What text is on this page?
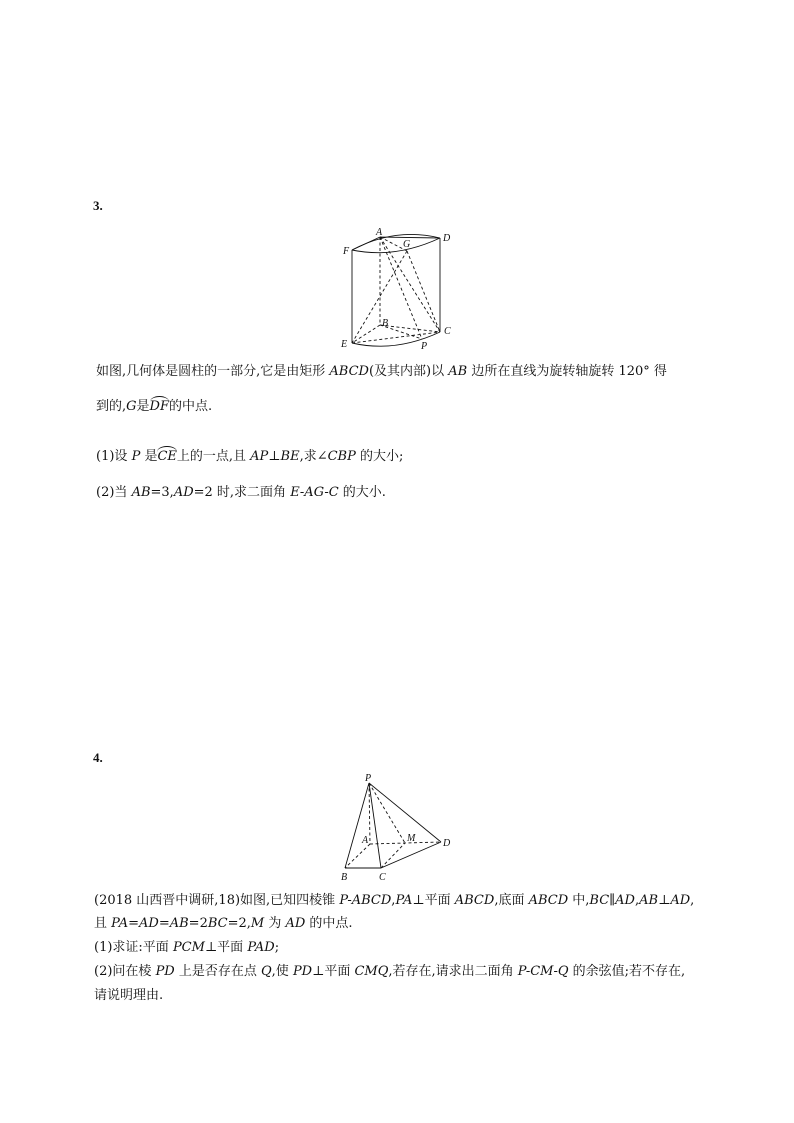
3.
A
D
F
G
B
C
E	P
如图,几何体是圆柱的一部分,它是由矩形 ABCD(及其内部)以 AB 边所在直线为旋转轴旋转 120° 得
到的,G是DF的中点.
(1)设 P 是CE上的一点,且 AP⊥BE,求∠CBP 的大小;
(2)当 AB=3,AD=2 时,求二面角 E-AG-C 的大小.
4.
P
A	M	D
B	C
(2018 山西晋中调研,18)如图,已知四棱锥 P-ABCD,PA⊥平面 ABCD,底面 ABCD 中,BC∥AD,AB⊥AD,
且 PA=AD=AB=2BC=2,M 为 AD 的中点.
(1)求证:平面 PCM⊥平面 PAD;
(2)问在棱 PD 上是否存在点 Q,使 PD⊥平面 CMQ,若存在,请求出二面角 P-CM-Q 的余弦值;若不存在,
请说明理由.
